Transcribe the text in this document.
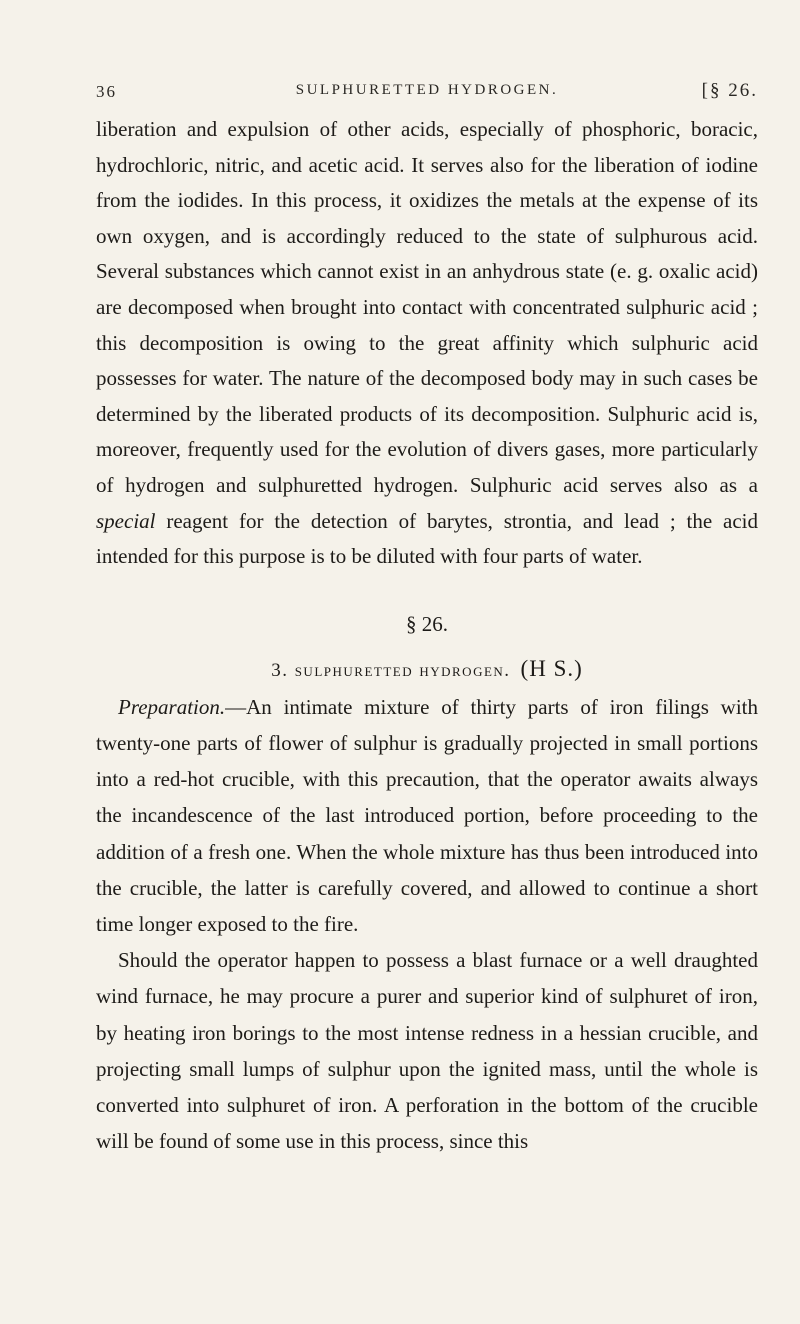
36	SULPHURETTED HYDROGEN.	[§ 26.

liberation and expulsion of other acids, especially of phosphoric, boracic, hydrochloric, nitric, and acetic acid. It serves also for the liberation of iodine from the iodides. In this process, it oxidizes the metals at the expense of its own oxygen, and is accordingly reduced to the state of sulphurous acid. Several substances which cannot exist in an anhydrous state (e. g. oxalic acid) are decomposed when brought into contact with concentrated sulphuric acid ; this decomposition is owing to the great affinity which sulphuric acid possesses for water. The nature of the decomposed body may in such cases be determined by the liberated products of its decomposition. Sulphuric acid is, moreover, frequently used for the evolution of divers gases, more particularly of hydrogen and sulphuretted hydrogen. Sulphuric acid serves also as a special reagent for the detection of barytes, strontia, and lead ; the acid intended for this purpose is to be diluted with four parts of water.

§ 26.
3. sulphuretted hydrogen. (H S.)

Preparation.—An intimate mixture of thirty parts of iron filings with twenty-one parts of flower of sulphur is gradually projected in small portions into a red-hot crucible, with this precaution, that the operator awaits always the incandescence of the last introduced portion, before proceeding to the addition of a fresh one. When the whole mixture has thus been introduced into the crucible, the latter is carefully covered, and allowed to continue a short time longer exposed to the fire.

Should the operator happen to possess a blast furnace or a well draughted wind furnace, he may procure a purer and superior kind of sulphuret of iron, by heating iron borings to the most intense redness in a hessian crucible, and projecting small lumps of sulphur upon the ignited mass, until the whole is converted into sulphuret of iron. A perforation in the bottom of the crucible will be found of some use in this process, since this
